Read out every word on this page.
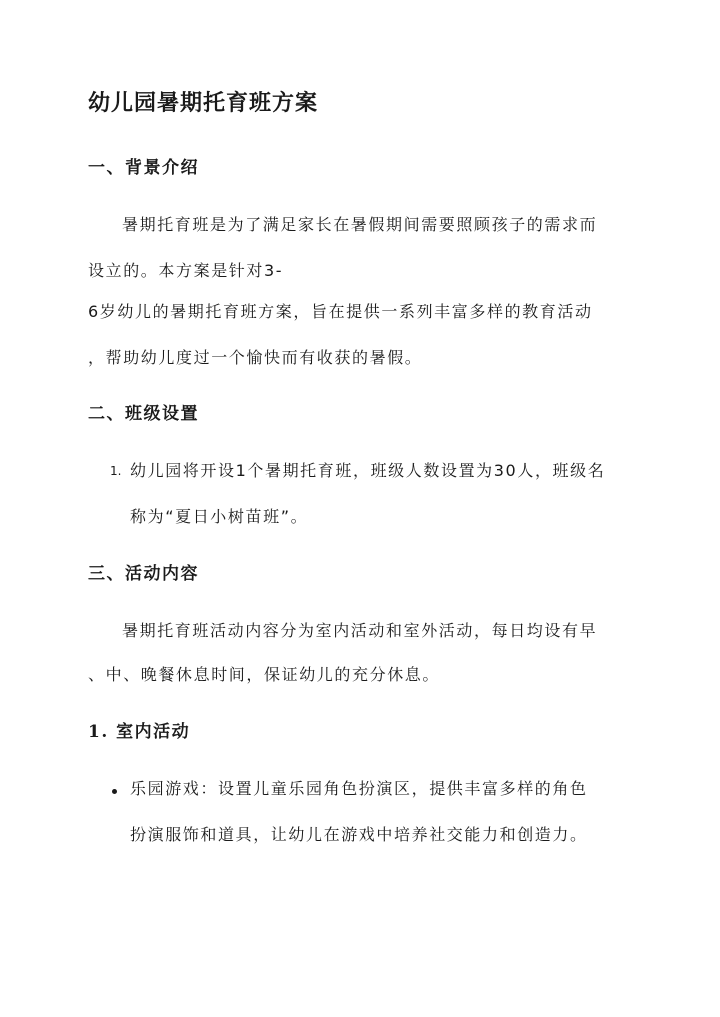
幼儿园暑期托育班方案
一、背景介绍

暑期托育班是为了满足家长在暑假期间需要照顾孩子的需求而

设立的。本方案是针对3-

6岁幼儿的暑期托育班方案，旨在提供一系列丰富多样的教育活动

，帮助幼儿度过一个愉快而有收获的暑假。

二、班级设置
1. 幼儿园将开设1个暑期托育班，班级人数设置为30人，班级名

称为“夏日小树苗班”。

三、活动内容

暑期托育班活动内容分为室内活动和室外活动，每日均设有早

、中、晚餐休息时间，保证幼儿的充分休息。

1. 室内活动

乐园游戏：设置儿童乐园角色扮演区，提供丰富多样的角色

扮演服饰和道具，让幼儿在游戏中培养社交能力和创造力。
